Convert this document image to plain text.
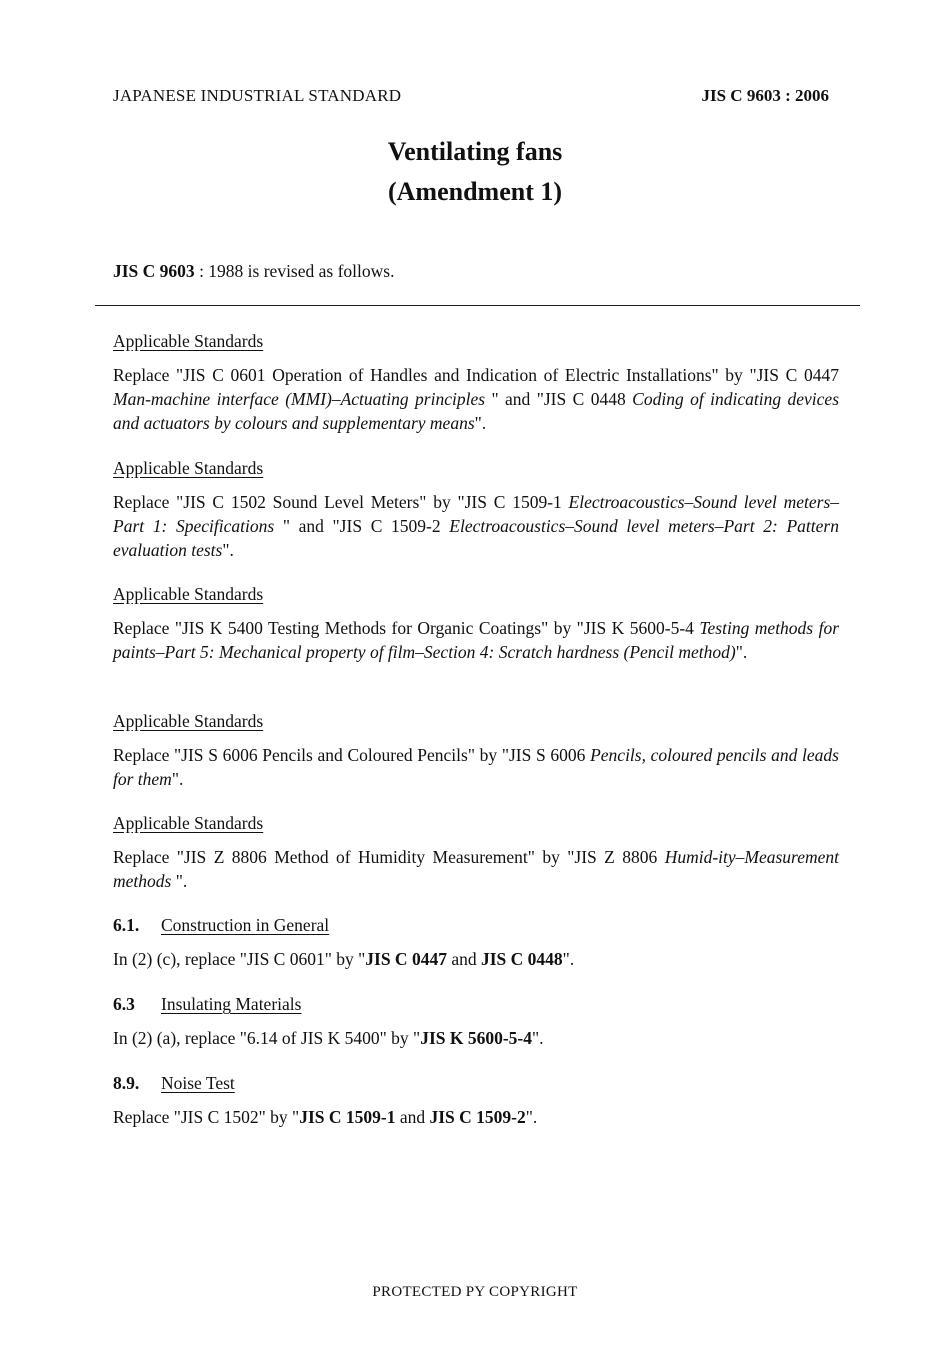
JAPANESE INDUSTRIAL STANDARD	JIS C 9603 : 2006
Ventilating fans
(Amendment 1)
JIS C 9603 : 1988 is revised as follows.
Applicable Standards
Replace "JIS C 0601 Operation of Handles and Indication of Electric Installations" by "JIS C 0447 Man-machine interface (MMI)–Actuating principles " and "JIS C 0448 Coding of indicating devices and actuators by colours and supplementary means".
Applicable Standards
Replace "JIS C 1502 Sound Level Meters" by "JIS C 1509-1 Electroacoustics–Sound level meters–Part 1: Specifications " and "JIS C 1509-2 Electroacoustics–Sound level meters–Part 2: Pattern evaluation tests".
Applicable Standards
Replace "JIS K 5400 Testing Methods for Organic Coatings" by "JIS K 5600-5-4 Testing methods for paints–Part 5: Mechanical property of film–Section 4: Scratch hardness (Pencil method)".
Applicable Standards
Replace "JIS S 6006 Pencils and Coloured Pencils" by "JIS S 6006 Pencils, coloured pencils and leads for them".
Applicable Standards
Replace "JIS Z 8806 Method of Humidity Measurement" by "JIS Z 8806 Humid-ity–Measurement methods ".
6.1. Construction in General
In (2) (c), replace "JIS C 0601" by "JIS C 0447 and JIS C 0448".
6.3 Insulating Materials
In (2) (a), replace "6.14 of JIS K 5400" by "JIS K 5600-5-4".
8.9. Noise Test
Replace "JIS C 1502" by "JIS C 1509-1 and JIS C 1509-2".
PROTECTED PY COPYRIGHT
